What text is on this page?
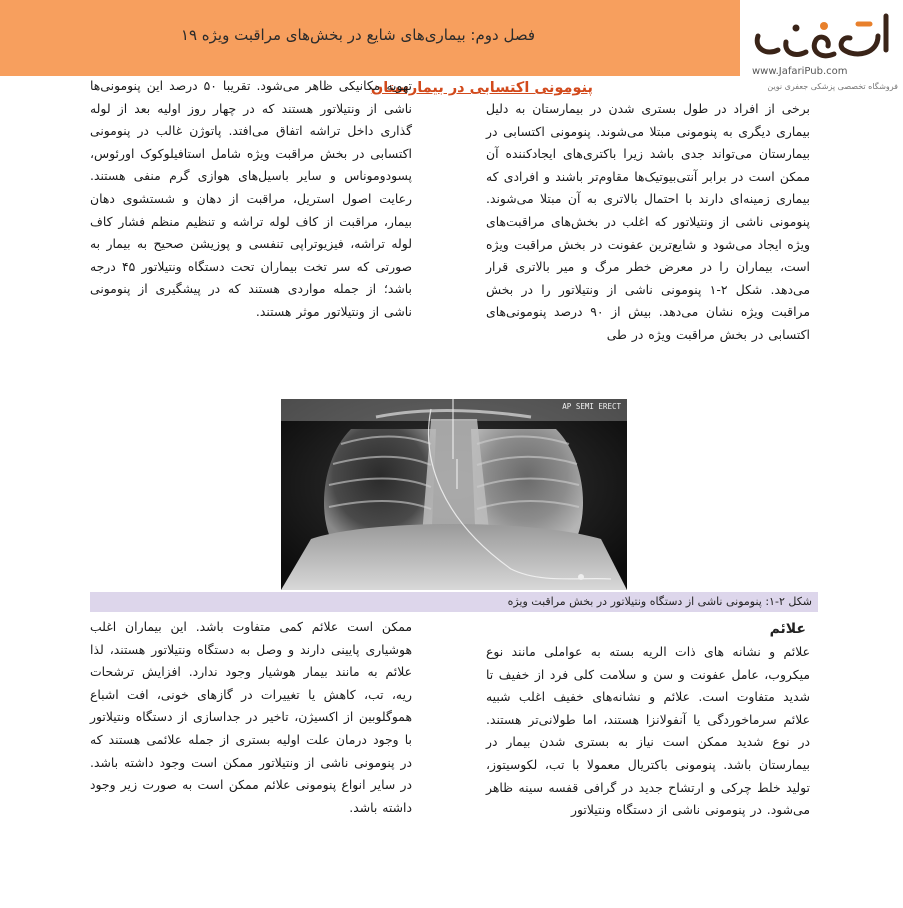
فصل دوم: بیماری‌های شایع در بخش‌های مراقبت ویژه ۱۹
www.JafariPub.com
فروشگاه تخصصی پزشکی جعفری نوین
پنومونی اکتسابی در بیمارستان

برخی از افراد در طول بستری شدن در بیمارستان به دلیل بیماری دیگری به پنومونی مبتلا می‌شوند. پنومونی اکتسابی در بیمارستان می‌تواند جدی باشد زیرا باکتری‌های ایجادکننده آن ممکن است در برابر آنتی‌بیوتیک‌ها مقاوم‌تر باشند و افرادی که بیماری زمینه‌ای دارند با احتمال بالاتری به آن مبتلا می‌شوند. پنومونی ناشی از ونتیلاتور که اغلب در بخش‌های مراقبت‌های ویژه ایجاد می‌شود و شایع‌ترین عفونت در بخش مراقبت ویژه است، بیماران را در معرض خطر مرگ و میر بالاتری قرار می‌دهد. شکل ۲-۱ پنومونی ناشی از ونتیلاتور را در بخش مراقبت ویژه نشان می‌دهد. بیش از ۹۰ درصد پنومونی‌های اکتسابی در بخش مراقبت ویژه در طی

تهویه مکانیکی ظاهر می‌شود. تقریبا ۵۰ درصد این پنومونی‌ها ناشی از ونتیلاتور هستند که در چهار روز اولیه بعد از لوله گذاری داخل تراشه اتفاق می‌افتد. پاتوژن غالب در پنومونی اکتسابی در بخش مراقبت ویژه شامل استافیلوکوک اورئوس، پسودوموناس و سایر باسیل‌های هوازی گرم منفی هستند. رعایت اصول استریل، مراقبت از دهان و شستشوی دهان بیمار، مراقبت از کاف لوله تراشه و تنظیم منظم فشار کاف لوله تراشه، فیزیوتراپی تنفسی و پوزیشن صحیح به بیمار به صورتی که سر تخت بیماران تحت دستگاه ونتیلاتور ۴۵ درجه باشد؛ از جمله مواردی هستند که در پیشگیری از پنومونی ناشی از ونتیلاتور موثر هستند.

AP SEMI ERECT
شکل ۲-۱: پنومونی ناشی از دستگاه ونتیلاتور در بخش مراقبت ویژه
علائم

علائم و نشانه های ذات الریه بسته به عواملی مانند نوع میکروب، عامل عفونت و سن و سلامت کلی فرد از خفیف تا شدید متفاوت است. علائم و نشانه‌های خفیف اغلب شبیه علائم سرماخوردگی یا آنفولانزا هستند، اما طولانی‌تر هستند. در نوع شدید ممکن است نیاز به بستری شدن بیمار در بیمارستان باشد. پنومونی باکتریال معمولا با تب، لکوسیتوز، تولید خلط چرکی و ارتشاح جدید در گرافی قفسه سینه ظاهر می‌شود. در پنومونی ناشی از دستگاه ونتیلاتور

ممکن است علائم کمی متفاوت باشد. این بیماران اغلب هوشیاری پایینی دارند و وصل به دستگاه ونتیلاتور هستند، لذا علائم به مانند بیمار هوشیار وجود ندارد. افزایش ترشحات ریه، تب، کاهش یا تغییرات در گازهای خونی، افت اشباع هموگلوبین از اکسیژن، تاخیر در جداسازی از دستگاه ونتیلاتور با وجود درمان علت اولیه بستری از جمله علائمی هستند که در پنومونی ناشی از ونتیلاتور ممکن است وجود داشته باشد. در سایر انواع پنومونی علائم ممکن است به صورت زیر وجود داشته باشد.
